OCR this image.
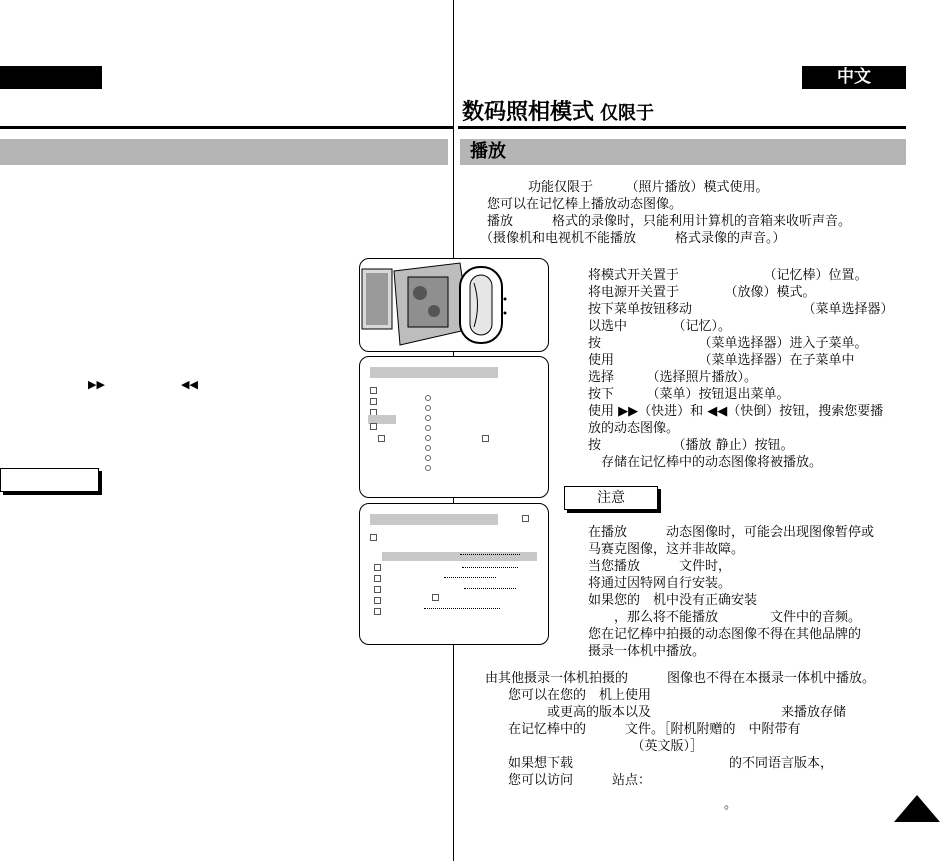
中文
数码照相模式 仅限于
播放
▶▶	◀◀
功能仅限于　　　（照片播放）模式使用。
您可以在记忆棒上播放动态图像。
播放　　　格式的录像时，只能利用计算机的音箱来收听声音。
（摄像机和电视机不能播放　　　格式录像的声音。）
将模式开关置于　　　　　　　（记忆棒）位置。
将电源开关置于　　　　（放像）模式。
按下菜单按钮移动　　　　　　　　　（菜单选择器）
以选中　　　　（记忆）。
按　　　　　　　　（菜单选择器）进入子菜单。
使用　　　　　　　（菜单选择器）在子菜单中
选择　　　（选择照片播放）。
按下　　　（菜单）按钮退出菜单。
使用 ▶▶（快进）和 ◀◀（快倒）按钮，搜索您要播
放的动态图像。
按　　　　　　（播放 静止）按钮。
　存储在记忆棒中的动态图像将被播放。
注意
在播放　　　动态图像时，可能会出现图像暂停或
马赛克图像，这并非故障。
当您播放　　　文件时，
将通过因特网自行安装。
如果您的　机中没有正确安装
　　，那么将不能播放　　　　文件中的音频。
您在记忆棒中拍摄的动态图像不得在其他品牌的
摄录一体机中播放。
由其他摄录一体机拍摄的　　　图像也不得在本摄录一体机中播放。
您可以在您的　机上使用
　　　或更高的版本以及　　　　　　　　　　来播放存储
在记忆棒中的　　　文件。［附机附赠的　中附带有
　　　　　　　　　　（英文版）］
如果想下载　　　　　　　　　　　　的不同语言版本，
您可以访问　　　站点：
。
